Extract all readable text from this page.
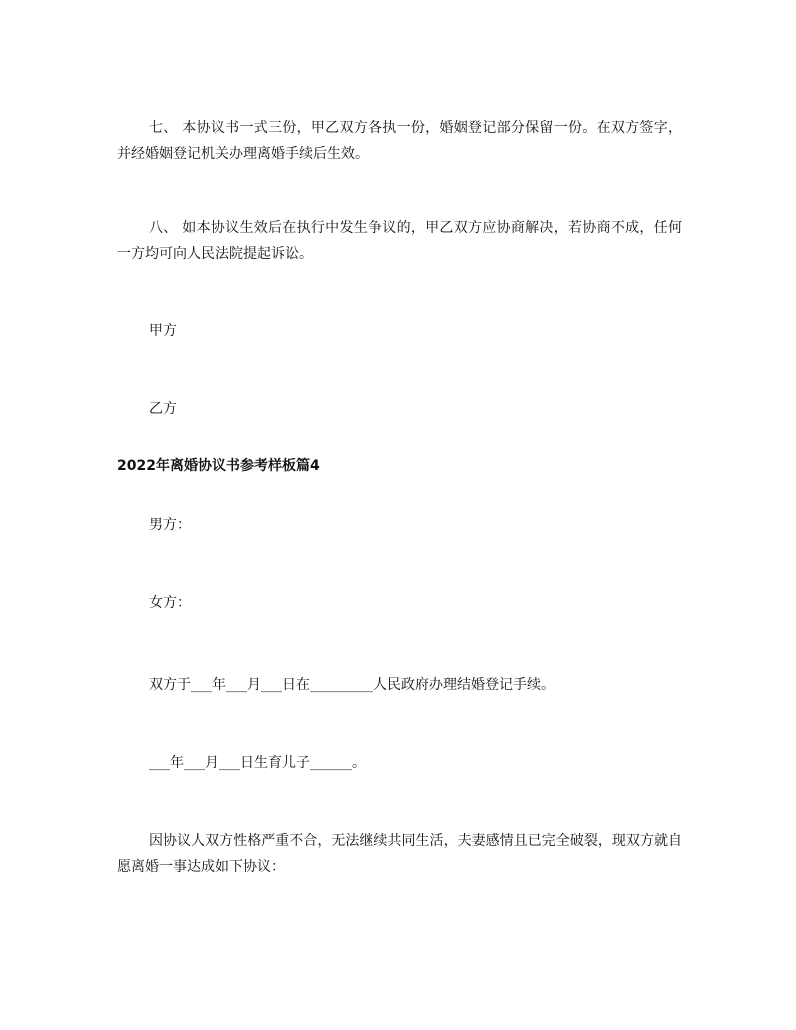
七、 本协议书一式三份，甲乙双方各执一份，婚姻登记部分保留一份。在双方签字，并经婚姻登记机关办理离婚手续后生效。

八、 如本协议生效后在执行中发生争议的，甲乙双方应协商解决，若协商不成，任何一方均可向人民法院提起诉讼。

甲方

乙方

2022年离婚协议书参考样板篇4

男方：

女方：

双方于___年___月___日在_________人民政府办理结婚登记手续。

___年___月___日生育儿子______。

因协议人双方性格严重不合，无法继续共同生活，夫妻感情且已完全破裂，现双方就自愿离婚一事达成如下协议：
